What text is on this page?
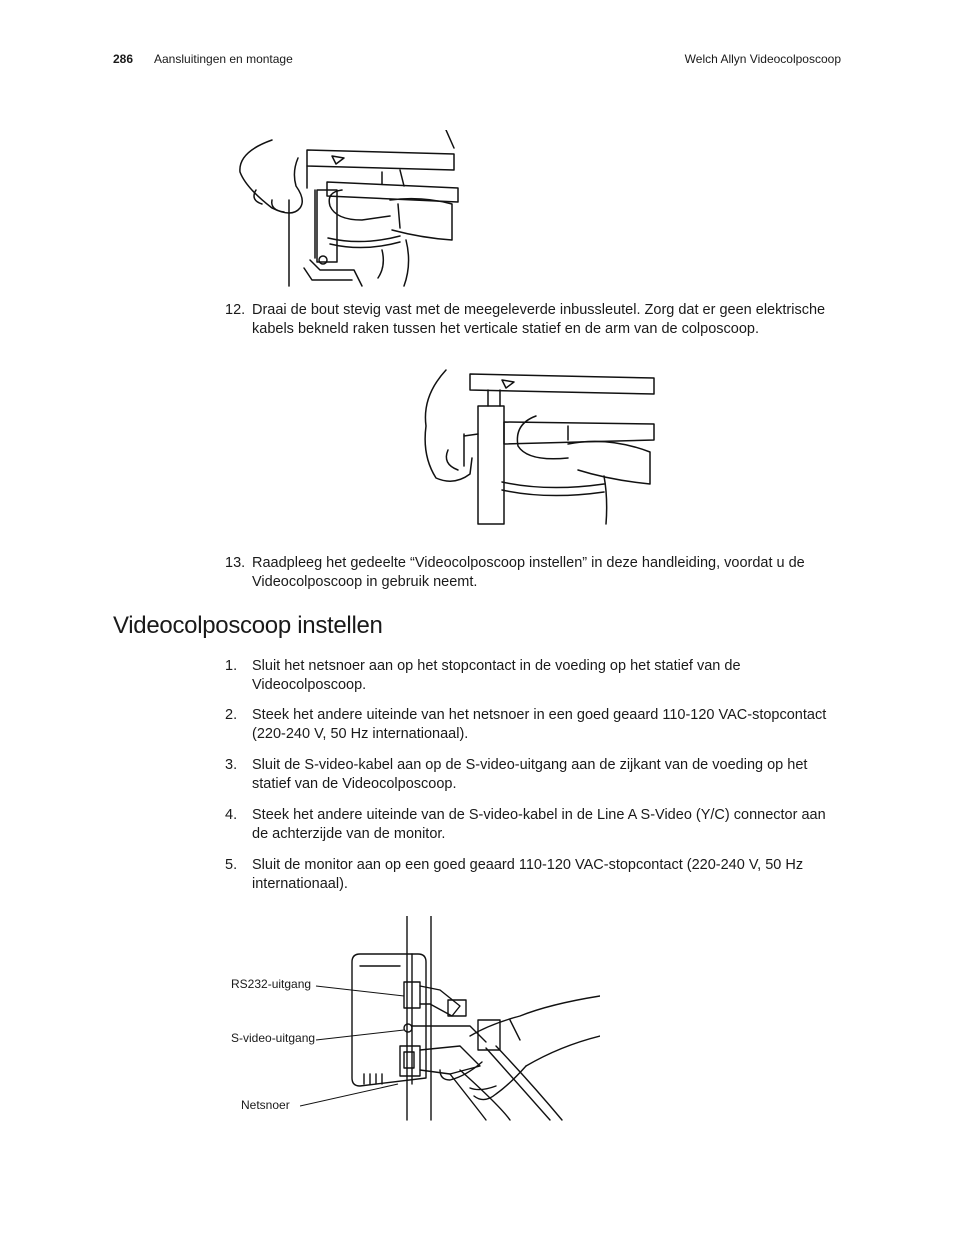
286 Aansluitingen en montage	Welch Allyn Videocolposcoop
12. Draai de bout stevig vast met de meegeleverde inbussleutel. Zorg dat er geen elektrische kabels bekneld raken tussen het verticale statief en de arm van de colposcoop.
13. Raadpleeg het gedeelte “Videocolposcoop instellen” in deze handleiding, voordat u de Videocolposcoop in gebruik neemt.
Videocolposcoop instellen
1. Sluit het netsnoer aan op het stopcontact in de voeding op het statief van de Videocolposcoop.
2. Steek het andere uiteinde van het netsnoer in een goed geaard 110-120 VAC-stopcontact (220-240 V, 50 Hz internationaal).
3. Sluit de S-video-kabel aan op de S-video-uitgang aan de zijkant van de voeding op het statief van de Videocolposcoop.
4. Steek het andere uiteinde van de S-video-kabel in de Line A S-Video (Y/C) connector aan de achterzijde van de monitor.
5. Sluit de monitor aan op een goed geaard 110-120 VAC-stopcontact (220-240 V, 50 Hz internationaal).
RS232-uitgang
S-video-uitgang
Netsnoer
